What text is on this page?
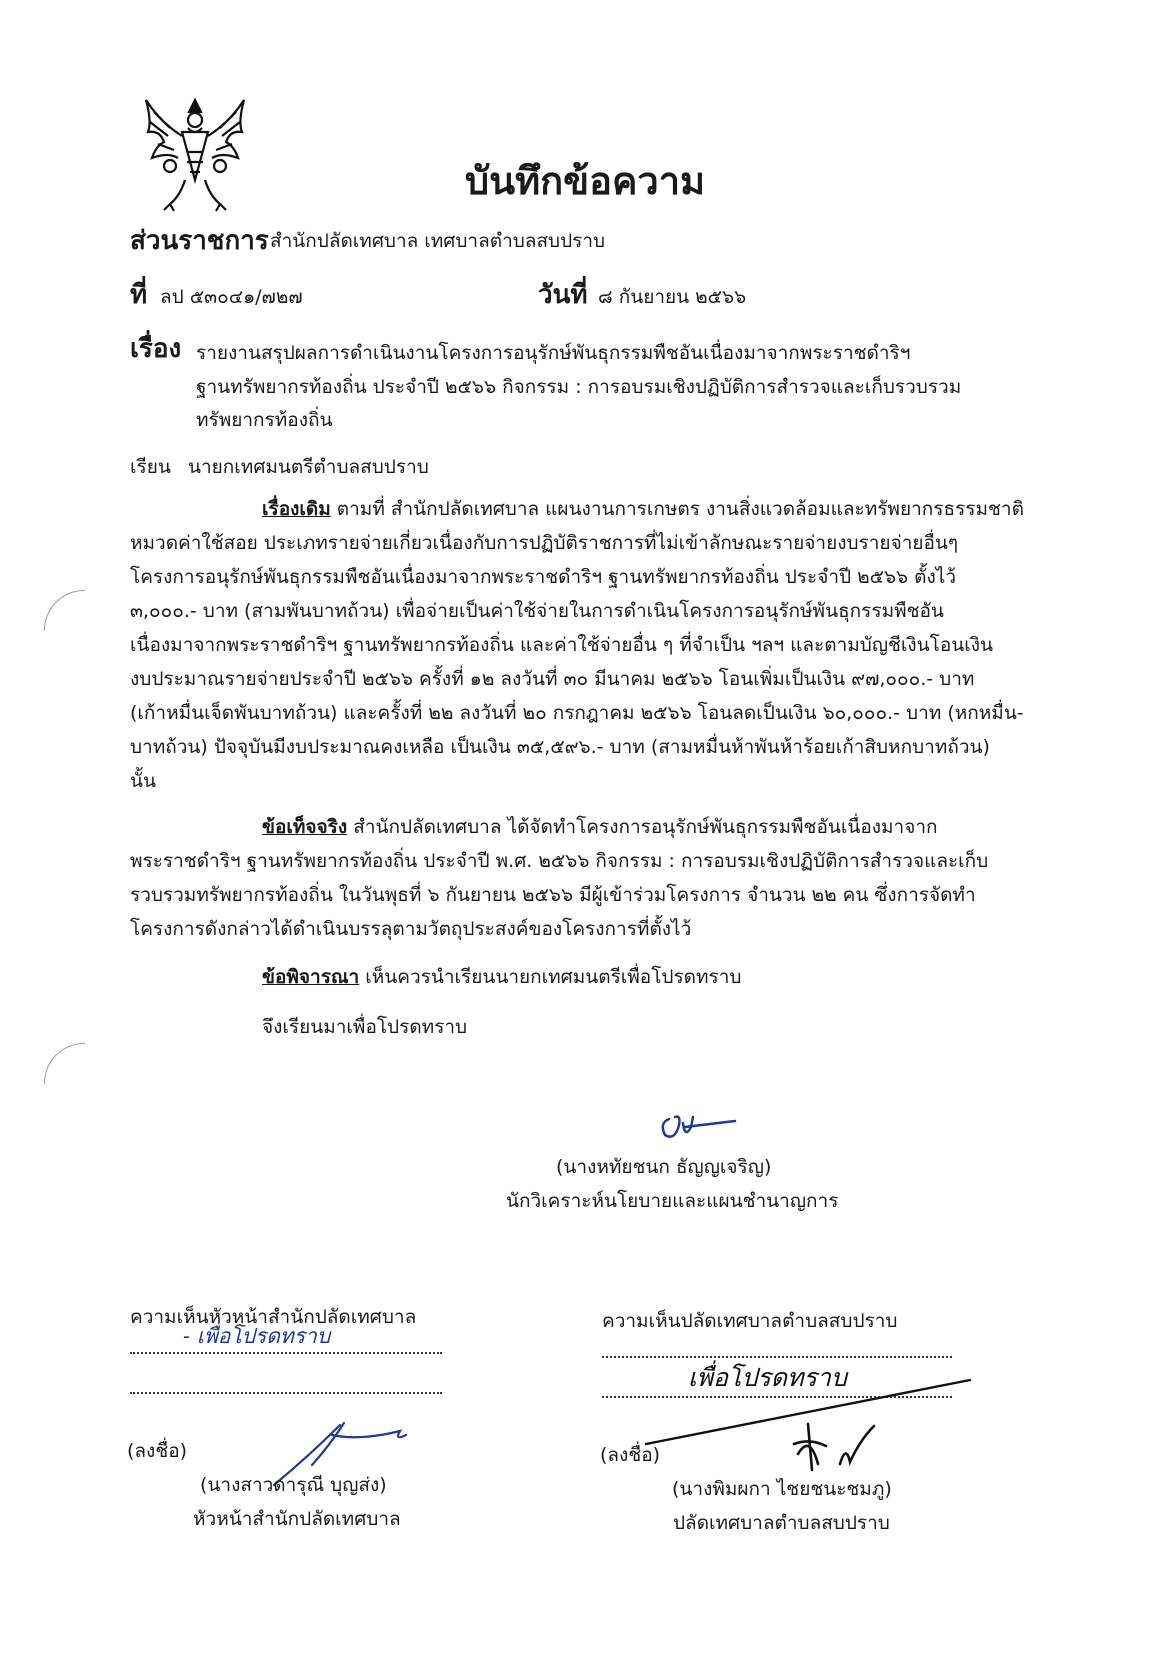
บันทึกข้อความ
ส่วนราชการ สำนักปลัดเทศบาล เทศบาลตำบลสบปราบ
ที่ ลป ๕๓๐๔๑/๗๒๗	วันที่ ๘ กันยายน ๒๕๖๖
เรื่อง รายงานสรุปผลการดำเนินงานโครงการอนุรักษ์พันธุกรรมพืชอันเนื่องมาจากพระราชดำริฯ
ฐานทรัพยากรท้องถิ่น ประจำปี ๒๕๖๖ กิจกรรม : การอบรมเชิงปฏิบัติการสำรวจและเก็บรวบรวม
ทรัพยากรท้องถิ่น
เรียน นายกเทศมนตรีตำบลสบปราบ
เรื่องเดิม ตามที่ สำนักปลัดเทศบาล แผนงานการเกษตร งานสิ่งแวดล้อมและทรัพยากรธรรมชาติ
หมวดค่าใช้สอย ประเภทรายจ่ายเกี่ยวเนื่องกับการปฏิบัติราชการที่ไม่เข้าลักษณะรายจ่ายงบรายจ่ายอื่นๆ
โครงการอนุรักษ์พันธุกรรมพืชอันเนื่องมาจากพระราชดำริฯ ฐานทรัพยากรท้องถิ่น ประจำปี ๒๕๖๖ ตั้งไว้
๓,๐๐๐.- บาท (สามพันบาทถ้วน) เพื่อจ่ายเป็นค่าใช้จ่ายในการดำเนินโครงการอนุรักษ์พันธุกรรมพืชอัน
เนื่องมาจากพระราชดำริฯ ฐานทรัพยากรท้องถิ่น และค่าใช้จ่ายอื่น ๆ ที่จำเป็น ฯลฯ และตามบัญชีเงินโอนเงิน
งบประมาณรายจ่ายประจำปี ๒๕๖๖ ครั้งที่ ๑๒ ลงวันที่ ๓๐ มีนาคม ๒๕๖๖ โอนเพิ่มเป็นเงิน ๙๗,๐๐๐.- บาท
(เก้าหมื่นเจ็ดพันบาทถ้วน) และครั้งที่ ๒๒ ลงวันที่ ๒๐ กรกฎาคม ๒๕๖๖ โอนลดเป็นเงิน ๖๐,๐๐๐.- บาท (หกหมื่น-
บาทถ้วน) ปัจจุบันมีงบประมาณคงเหลือ เป็นเงิน ๓๕,๕๙๖.- บาท (สามหมื่นห้าพันห้าร้อยเก้าสิบหกบาทถ้วน)
นั้น
ข้อเท็จจริง สำนักปลัดเทศบาล ได้จัดทำโครงการอนุรักษ์พันธุกรรมพืชอันเนื่องมาจาก
พระราชดำริฯ ฐานทรัพยากรท้องถิ่น ประจำปี พ.ศ. ๒๕๖๖ กิจกรรม : การอบรมเชิงปฏิบัติการสำรวจและเก็บ
รวบรวมทรัพยากรท้องถิ่น ในวันพุธที่ ๖ กันยายน ๒๕๖๖ มีผู้เข้าร่วมโครงการ จำนวน ๒๒ คน ซึ่งการจัดทำ
โครงการดังกล่าวได้ดำเนินบรรลุตามวัตถุประสงค์ของโครงการที่ตั้งไว้
ข้อพิจารณา เห็นควรนำเรียนนายกเทศมนตรีเพื่อโปรดทราบ
จึงเรียนมาเพื่อโปรดทราบ
(นางหทัยชนก ธัญญเจริญ)
นักวิเคราะห์นโยบายและแผนชำนาญการ
ความเห็นหัวหน้าสำนักปลัดเทศบาล
- เพื่อโปรดทราบ
(ลงชื่อ)
(นางสาวดารุณี บุญส่ง)
หัวหน้าสำนักปลัดเทศบาล
ความเห็นปลัดเทศบาลตำบลสบปราบ
เพื่อโปรดทราบ
(ลงชื่อ)
(นางพิมผกา ไชยชนะชมภู)
ปลัดเทศบาลตำบลสบปราบ
